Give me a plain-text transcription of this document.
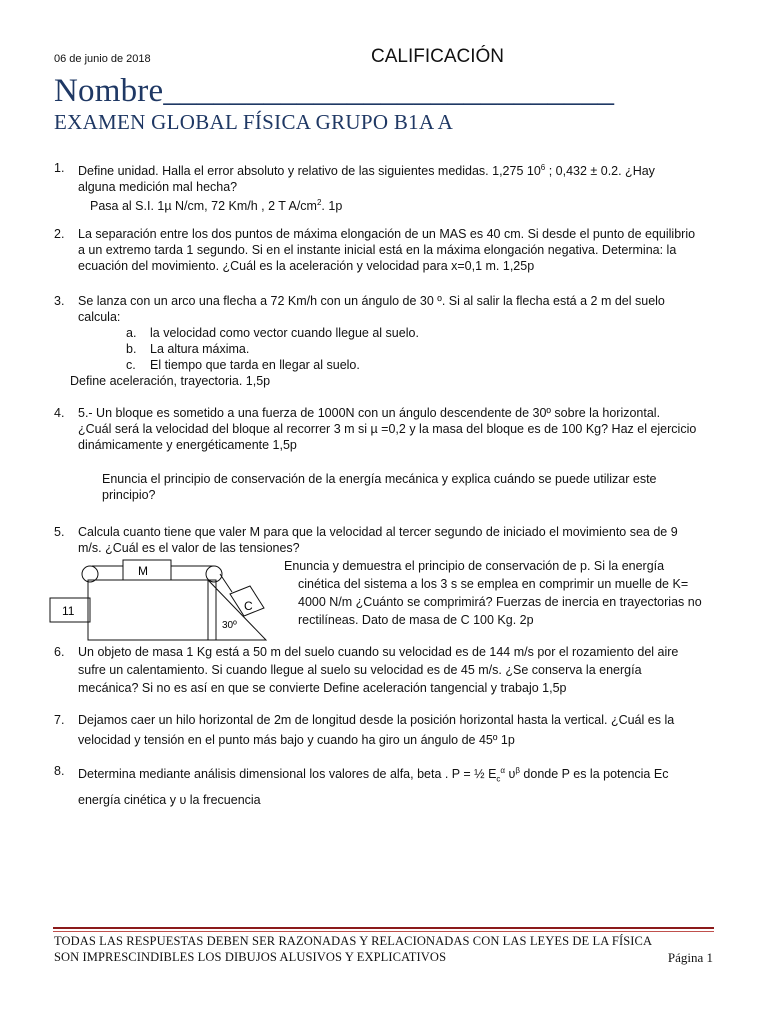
06 de junio de 2018	CALIFICACIÓN
Nombre___________________________
EXAMEN GLOBAL FÍSICA GRUPO B1A A
1. Define unidad. Halla el error absoluto y relativo de las siguientes medidas. 1,275 $10^6$ ; 0,432 ± 0.2. ¿Hay

alguna medición mal hecha?

Pasa al S.I. 1µ N/cm, 72 Km/h , 2 T $A/cm^2$. 1p

2. La separación entre los dos puntos de máxima elongación de un MAS es 40 cm. Si desde el punto de equilibrio

a un extremo tarda 1 segundo. Si en el instante inicial está en la máxima elongación negativa. Determina: la

ecuación del movimiento. ¿Cuál es la aceleración y velocidad para x=0,1 m. 1,25p

3. Se lanza con un arco una flecha a 72 Km/h con un ángulo de 30 º. Si al salir la flecha está a 2 m del suelo

calcula:

a. la velocidad como vector cuando llegue al suelo.

b. La altura máxima.

c. El tiempo que tarda en llegar al suelo.

Define aceleración, trayectoria. 1,5p

4. 5.- Un bloque es sometido a una fuerza de 1000N con un ángulo descendente de 30º sobre la horizontal.

¿Cuál será la velocidad del bloque al recorrer 3 m si µ =0,2 y la masa del bloque es de 100 Kg? Haz el ejercicio

dinámicamente y energéticamente 1,5p

Enuncia el principio de conservación de la energía mecánica y explica cuándo se puede utilizar este

principio?

5. Calcula cuanto tiene que valer M para que la velocidad al tercer segundo de iniciado el movimiento sea de 9

m/s. ¿Cuál es el valor de las tensiones?

Enuncia y demuestra el principio de conservación de p. Si la energía

cinética del sistema a los 3 s se emplea en comprimir un muelle de K=

4000 N/m ¿Cuánto se comprimirá? Fuerzas de inercia en trayectorias no

rectilíneas. Dato de masa de C 100 Kg. 2p

M
C
11
30º
6. Un objeto de masa 1 Kg está a 50 m del suelo cuando su velocidad es de 144 m/s por el rozamiento del aire

sufre un calentamiento. Si cuando llegue al suelo su velocidad es de 45 m/s. ¿Se conserva la energía

mecánica? Si no es así en que se convierte Define aceleración tangencial y trabajo 1,5p

7. Dejamos caer un hilo horizontal de 2m de longitud desde la posición horizontal hasta la vertical. ¿Cuál es la

velocidad y tensión en el punto más bajo y cuando ha giro un ángulo de 45º 1p

8. Determina mediante análisis dimensional los valores de alfa, beta . P = ½ $E_c^\alpha$ $\upsilon^\beta$ donde P es la potencia Ec

energía cinética y υ la frecuencia

TODAS LAS RESPUESTAS DEBEN SER RAZONADAS Y RELACIONADAS CON LAS LEYES DE LA FÍSICA
SON IMPRESCINDIBLES LOS DIBUJOS ALUSIVOS Y EXPLICATIVOS	Página 1
